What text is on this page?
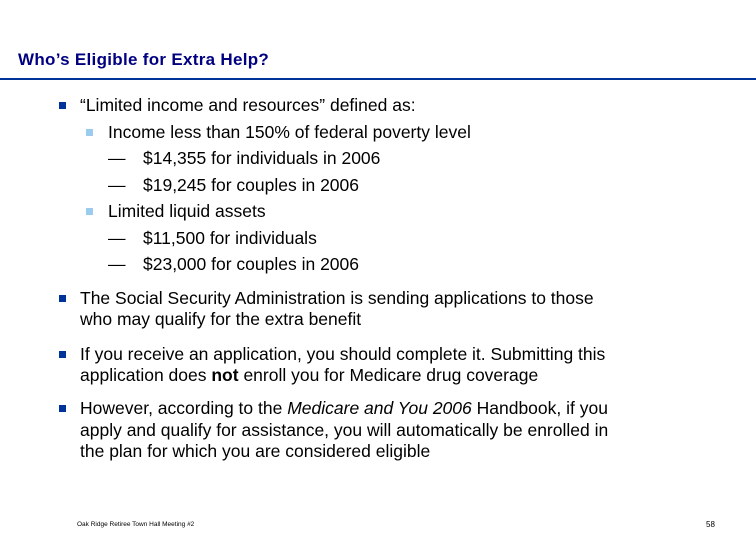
Who’s Eligible for Extra Help?
“Limited income and resources” defined as:
Income less than 150% of federal poverty level
— $14,355 for individuals in 2006
— $19,245 for couples in 2006
Limited liquid assets
— $11,500 for individuals
— $23,000 for couples in 2006
The Social Security Administration is sending applications to those
who may qualify for the extra benefit
If you receive an application, you should complete it. Submitting this
application does not enroll you for Medicare drug coverage
However, according to the Medicare and You 2006 Handbook, if you
apply and qualify for assistance, you will automatically be enrolled in
the plan for which you are considered eligible
Oak Ridge Retiree Town Hall Meeting #2	58
